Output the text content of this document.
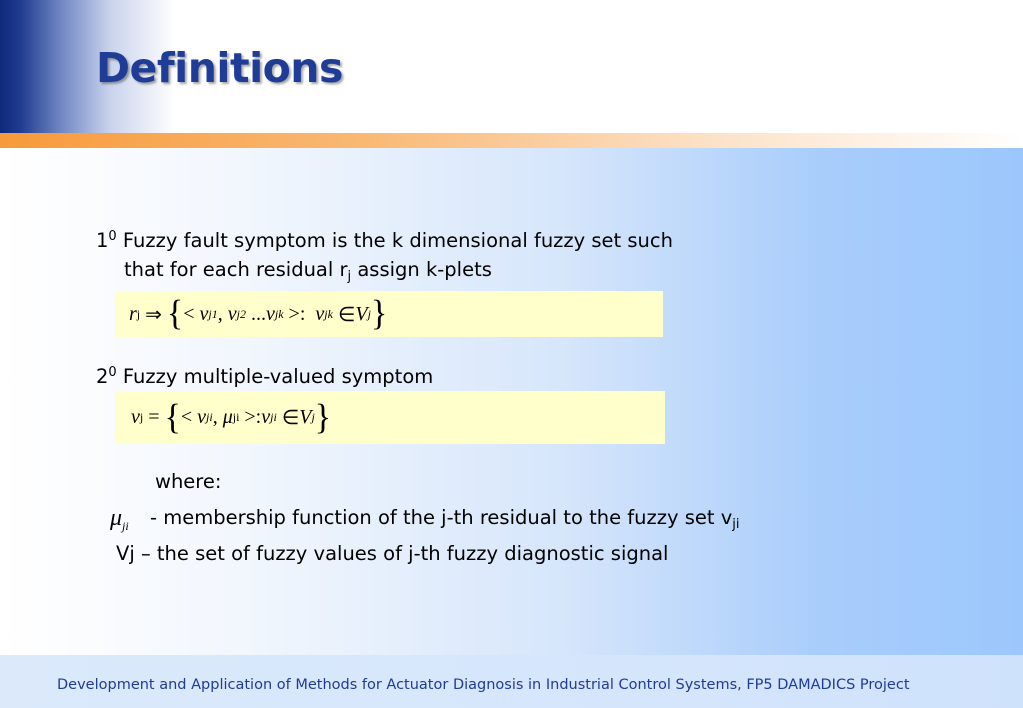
Definitions
$1^0$ Fuzzy fault symptom is the k dimensional fuzzy set such
that for each residual $r_j$ assign k-plets
r j
⇒
{ < v j1 , v j2
... v jk
>: v jk
∈ V j }
$2^0$ Fuzzy multiple-valued symptom
v j
=
{ < v ji ,
μ ji
>: v ji
∈ V j }
where:
$\mu_{ji}$ - membership function of the j-th residual to the fuzzy set $v_{ji}$
Vj – the set of fuzzy values of j-th fuzzy diagnostic signal
Development and Application of Methods for Actuator Diagnosis in Industrial Control Systems, FP5 DAMADICS Project
